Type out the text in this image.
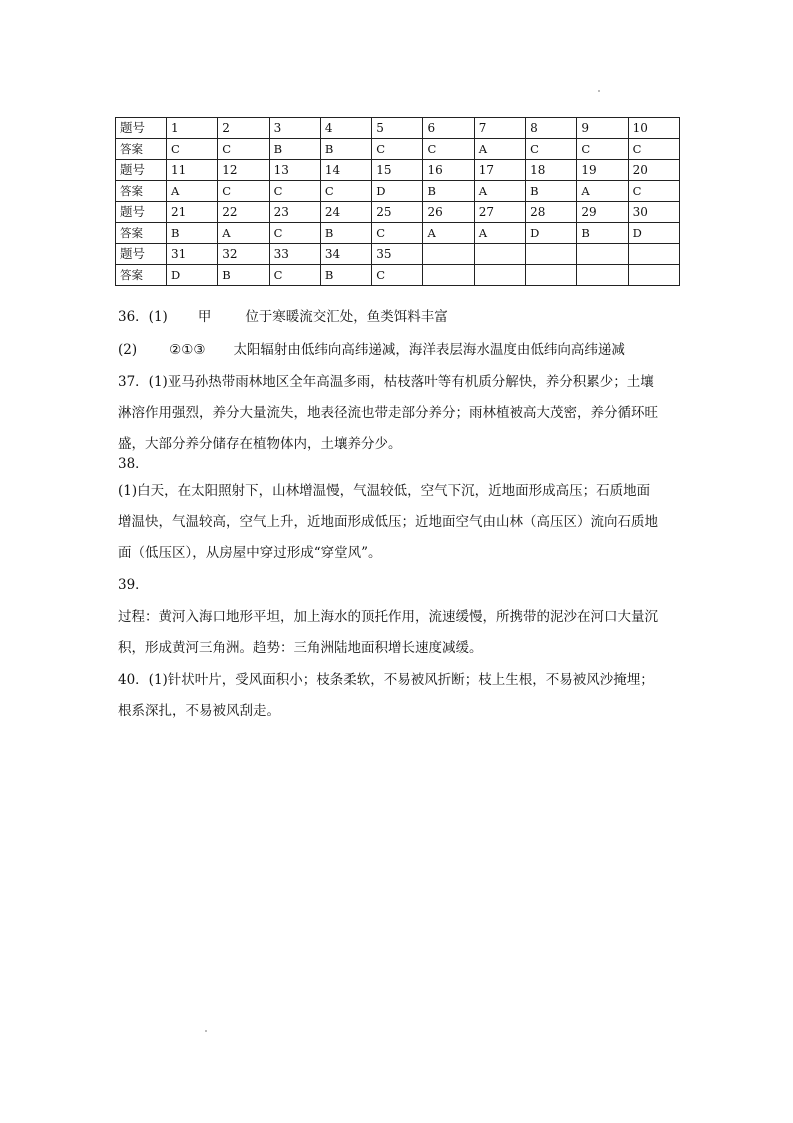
题号	1	2	3	4	5	6	7	8	9	10
答案	C	C	B	B	C	C	A	C	C	C
题号	11	12	13	14	15	16	17	18	19	20
答案	A	C	C	C	D	B	A	B	A	C
题号	21	22	23	24	25	26	27	28	29	30
答案	B	A	C	B	C	A	A	D	B	D
题号	31	32	33	34	35					
答案	D	B	C	B	C					
36．(1) 甲	位于寒暖流交汇处，鱼类饵料丰富
(2) ②①③ 太阳辐射由低纬向高纬递减，海洋表层海水温度由低纬向高纬递减
37．(1)亚马孙热带雨林地区全年高温多雨，枯枝落叶等有机质分解快，养分积累少；土壤
淋溶作用强烈，养分大量流失，地表径流也带走部分养分；雨林植被高大茂密，养分循环旺
盛，大部分养分储存在植物体内，土壤养分少。
38．
(1)白天，在太阳照射下，山林增温慢，气温较低，空气下沉，近地面形成高压；石质地面
增温快，气温较高，空气上升，近地面形成低压；近地面空气由山林（高压区）流向石质地
面（低压区），从房屋中穿过形成“穿堂风”。
39．
过程：黄河入海口地形平坦，加上海水的顶托作用，流速缓慢，所携带的泥沙在河口大量沉
积，形成黄河三角洲。趋势：三角洲陆地面积增长速度减缓。
40．(1)针状叶片，受风面积小；枝条柔软，不易被风折断；枝上生根，不易被风沙掩埋；
根系深扎，不易被风刮走。
